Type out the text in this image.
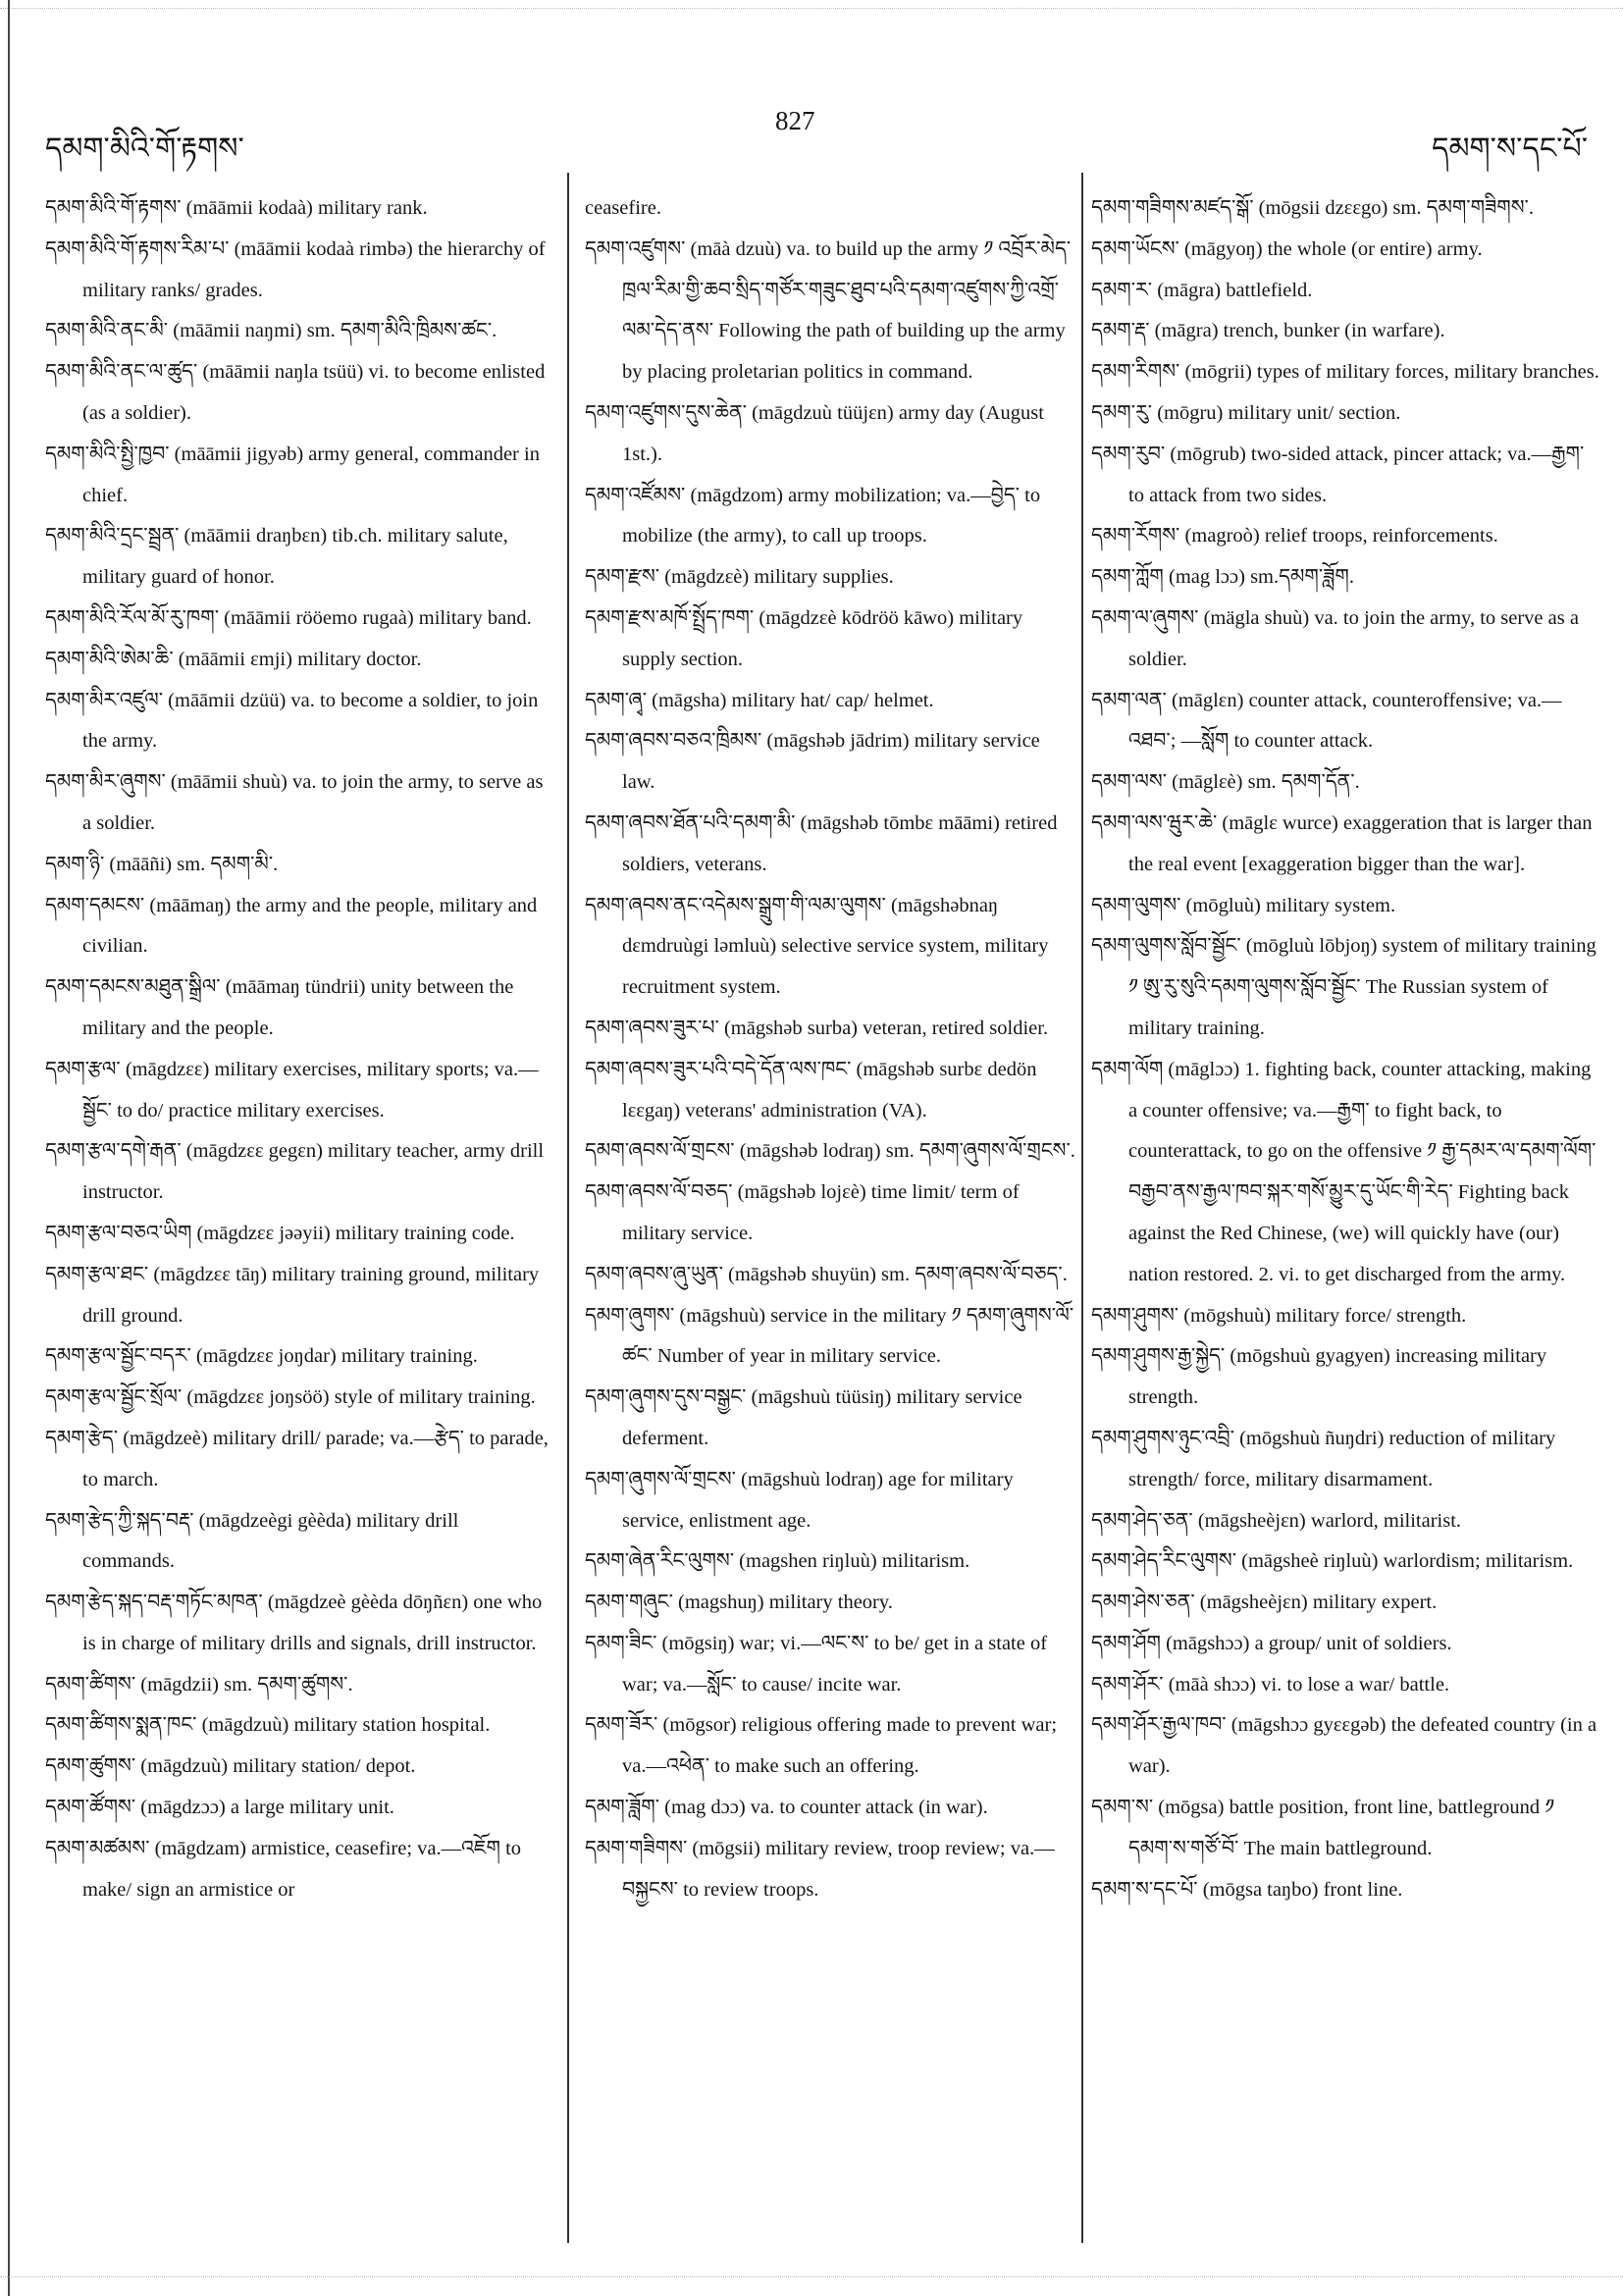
དམག་མིའི་གོ་རྟགས་
827
དམག་ས་དང་པོ་

དམག་མིའི་གོ་རྟགས་ (māāmii kodaà) military rank.

དམག་མིའི་གོ་རྟགས་རིམ་པ་ (māāmii kodaà rimbə) the hierarchy of military ranks/ grades.

དམག་མིའི་ནང་མི་ (māāmii naŋmi) sm. དམག་མིའི་ཁྲིམས་ཚང་.

དམག་མིའི་ནང་ལ་ཚུད་ (māāmii naŋla tsüü) vi. to become enlisted (as a soldier).

དམག་མིའི་སྤྱི་ཁྱབ་ (māāmii jigyəb) army general, commander in chief.

དམག་མིའི་དྲང་སྦྲན་ (māāmii draŋbɛn) tib.ch. military salute, military guard of honor.

དམག་མིའི་རོལ་མོ་རུ་ཁག་ (māāmii rööemo rugaà) military band.

དམག་མིའི་ཨེམ་ཆི་ (māāmii ɛmji) military doctor.

དམག་མིར་འཛུལ་ (māāmii dzüü) va. to become a soldier, to join the army.

དམག་མིར་ཞུགས་ (māāmii shuù) va. to join the army, to serve as a soldier.

དམག་ཉི་ (māāñi) sm. དམག་མི་.

དམག་དམངས་ (māāmaŋ) the army and the people, military and civilian.

དམག་དམངས་མཐུན་སྒྲིལ་ (māāmaŋ tündrii) unity between the military and the people.

དམག་རྩལ་ (māgdzɛɛ) military exercises, military sports; va.—སྦྱོང་ to do/ practice military exercises.

དམག་རྩལ་དགེ་རྒན་ (māgdzɛɛ gegɛn) military teacher, army drill instructor.

དམག་རྩལ་བཅའ་ཡིག (māgdzɛɛ jəəyii) military training code.

དམག་རྩལ་ཐང་ (māgdzɛɛ tāŋ) military training ground, military drill ground.

དམག་རྩལ་སྦྱོང་བདར་ (māgdzɛɛ joŋdar) military training.

དམག་རྩལ་སྦྱོང་སྲོལ་ (māgdzɛɛ joŋsöö) style of military training.

དམག་རྩེད་ (māgdzeè) military drill/ parade; va.—རྩེད་ to parade, to march.

དམག་རྩེད་ཀྱི་སྐད་བརྡ་ (māgdzeègi gèèda) military drill commands.

དམག་རྩེད་སྐད་བརྡ་གཏོང་མཁན་ (māgdzeè gèèda dōŋñɛn) one who is in charge of military drills and signals, drill instructor.

དམག་ཚིགས་ (māgdzii) sm. དམག་ཚུགས་.

དམག་ཚིགས་སྨན་ཁང་ (māgdzuù) military station hospital.

དམག་ཚུགས་ (māgdzuù) military station/ depot.

དམག་ཚོགས་ (māgdzɔɔ) a large military unit.

དམག་མཚམས་ (māgdzam) armistice, ceasefire; va.—འཇོག to make/ sign an armistice or

ceasefire.

དམག་འཛུགས་ (māà dzuù) va. to build up the army ༡ འབྲོར་མེད་ཁྲལ་རིམ་གྱི་ཆབ་སྲིད་གཙོར་གཟུང་ཐུབ་པའི་དམག་འཛུགས་ཀྱི་འགྲོ་ལམ་དེད་ནས་ Following the path of building up the army by placing proletarian politics in command.

དམག་འཛུགས་དུས་ཆེན་ (māgdzuù tüüjɛn) army day (August 1st.).

དམག་འཛོམས་ (māgdzom) army mobilization; va.—བྱེད་ to mobilize (the army), to call up troops.

དམག་རྫས་ (māgdzɛè) military supplies.

དམག་རྫས་མཁོ་སྤྲོད་ཁག་ (māgdzɛè kōdröö kāwo) military supply section.

དམག་ཞྭ་ (māgsha) military hat/ cap/ helmet.

དམག་ཞབས་བཅའ་ཁྲིམས་ (māgshəb jādrim) military service law.

དམག་ཞབས་ཐོན་པའི་དམག་མི་ (māgshəb tōmbɛ māāmi) retired soldiers, veterans.

དམག་ཞབས་ནང་འདེམས་སྒྲུག་གི་ལམ་ལུགས་ (māgshəbnaŋ dɛmdruùgi ləmluù) selective service system, military recruitment system.

དམག་ཞབས་ཟུར་པ་ (māgshəb surba) veteran, retired soldier.

དམག་ཞབས་ཟུར་པའི་བདེ་དོན་ལས་ཁང་ (māgshəb surbɛ dedön lɛɛgaŋ) veterans' administration (VA).

དམག་ཞབས་ལོ་གྲངས་ (māgshəb lodraŋ) sm. དམག་ཞུགས་ལོ་གྲངས་.

དམག་ཞབས་ལོ་བཅད་ (māgshəb lojɛè) time limit/ term of military service.

དམག་ཞབས་ཞུ་ཡུན་ (māgshəb shuyün) sm. དམག་ཞབས་ལོ་བཅད་.

དམག་ཞུགས་ (māgshuù) service in the military ༡ དམག་ཞུགས་ལོ་ཚང་ Number of year in military service.

དམག་ཞུགས་དུས་བསྒྱང་ (māgshuù tüüsiŋ) military service deferment.

དམག་ཞུགས་ལོ་གྲངས་ (māgshuù lodraŋ) age for military service, enlistment age.

དམག་ཞེན་རིང་ལུགས་ (magshen riŋluù) militarism.

དམག་གཞུང་ (magshuŋ) military theory.

དམག་ཟིང་ (mōgsiŋ) war; vi.—ལང་ས་ to be/ get in a state of war; va.—སློང་ to cause/ incite war.

དམག་ཟོར་ (mōgsor) religious offering made to prevent war; va.—འཕེན་ to make such an offering.

དམག་ཟློག་ (mag dɔɔ) va. to counter attack (in war).

དམག་གཟིགས་ (mōgsii) military review, troop review; va.—བསྐྱངས་ to review troops.

དམག་གཟིགས་མཛད་སྒོ་ (mōgsii dzɛɛgo) sm. དམག་གཟིགས་.

དམག་ཡོངས་ (māgyoŋ) the whole (or entire) army.

དམག་ར་ (māgra) battlefield.

དམག་རྡ་ (māgra) trench, bunker (in warfare).

དམག་རིགས་ (mōgrii) types of military forces, military branches.

དམག་རུ་ (mōgru) military unit/ section.

དམག་རུབ་ (mōgrub) two-sided attack, pincer attack; va.—རྒྱག་ to attack from two sides.

དམག་རོགས་ (magroò) relief troops, reinforcements.

དམག་ཀློག (mag lɔɔ) sm.དམག་ཟློག.

དམག་ལ་ཞུགས་ (mägla shuù) va. to join the army, to serve as a soldier.

དམག་ལན་ (māglɛn) counter attack, counteroffensive; va.—འཐབ་; —སློག to counter attack.

དམག་ལས་ (māglɛè) sm. དམག་དོན་.

དམག་ལས་ཝུར་ཆེ་ (māglɛ wurce) exaggeration that is larger than the real event [exaggeration bigger than the war].

དམག་ལུགས་ (mōgluù) military system.

དམག་ལུགས་སློབ་སྦྱོང་ (mōgluù lōbjoŋ) system of military training ༡ ཨུ་རུ་སུའི་དམག་ལུགས་སློབ་སྦྱོང་ The Russian system of military training.

དམག་ལོག (māglɔɔ) 1. fighting back, counter attacking, making a counter offensive; va.—རྒྱག་ to fight back, to counterattack, to go on the offensive ༡ རྒྱ་དམར་ལ་དམག་ལོག་བརྒྱབ་ནས་རྒྱལ་ཁབ་སྐར་གསོ་མྱུར་དུ་ཡོང་གི་རེད་ Fighting back against the Red Chinese, (we) will quickly have (our) nation restored. 2. vi. to get discharged from the army.

དམག་ཤུགས་ (mōgshuù) military force/ strength.

དམག་ཤུགས་རྒྱ་སྐྱེད་ (mōgshuù gyagyen) increasing military strength.

དམག་ཤུགས་ཉུང་འབྲི་ (mōgshuù ñuŋdri) reduction of military strength/ force, military disarmament.

དམག་ཤེད་ཅན་ (māgsheèjɛn) warlord, militarist.

དམག་ཤེད་རིང་ལུགས་ (māgsheè riŋluù) warlordism; militarism.

དམག་ཤེས་ཅན་ (māgsheèjɛn) military expert.

དམག་ཤོག (māgshɔɔ) a group/ unit of soldiers.

དམག་ཤོར་ (māà shɔɔ) vi. to lose a war/ battle.

དམག་ཤོར་རྒྱལ་ཁབ་ (māgshɔɔ gyɛɛgəb) the defeated country (in a war).

དམག་ས་ (mōgsa) battle position, front line, battleground ༡ དམག་ས་གཙོ་བོ་ The main battleground.

དམག་ས་དང་པོ་ (mōgsa taŋbo) front line.
